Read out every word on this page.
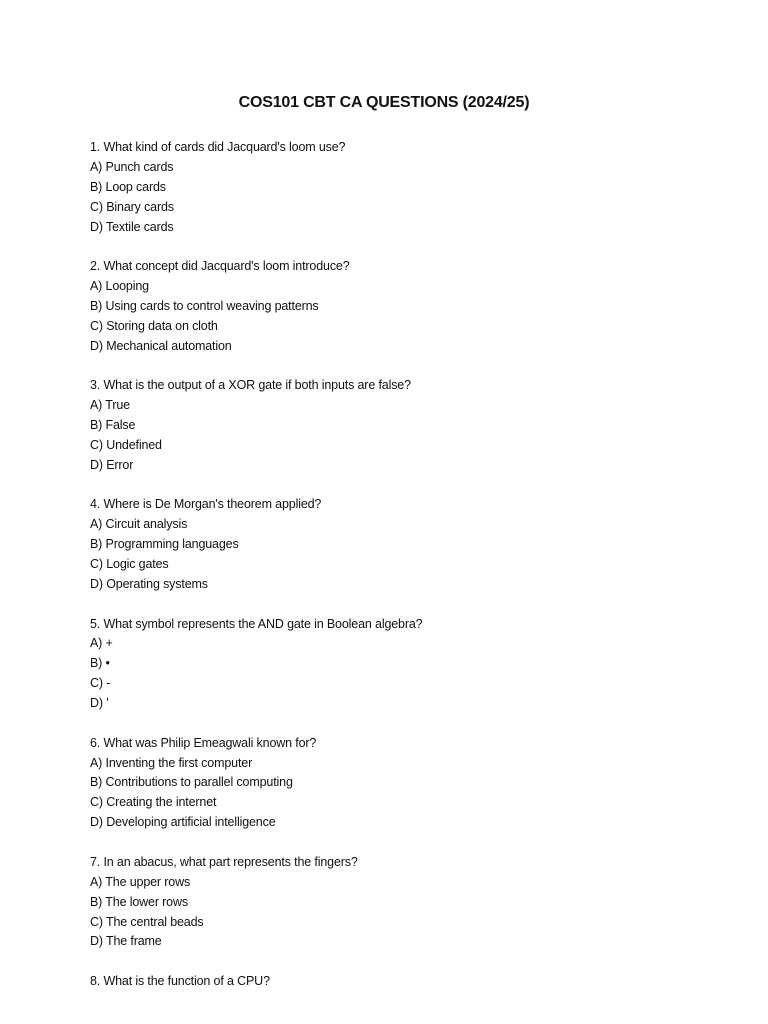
COS101 CBT CA QUESTIONS (2024/25)
1. What kind of cards did Jacquard's loom use?
A) Punch cards
B) Loop cards
C) Binary cards
D) Textile cards
2. What concept did Jacquard's loom introduce?
A) Looping
B) Using cards to control weaving patterns
C) Storing data on cloth
D) Mechanical automation
3. What is the output of a XOR gate if both inputs are false?
A) True
B) False
C) Undefined
D) Error
4. Where is De Morgan's theorem applied?
A) Circuit analysis
B) Programming languages
C) Logic gates
D) Operating systems
5. What symbol represents the AND gate in Boolean algebra?
A) +
B) •
C) -
D) '
6. What was Philip Emeagwali known for?
A) Inventing the first computer
B) Contributions to parallel computing
C) Creating the internet
D) Developing artificial intelligence
7. In an abacus, what part represents the fingers?
A) The upper rows
B) The lower rows
C) The central beads
D) The frame
8. What is the function of a CPU?
